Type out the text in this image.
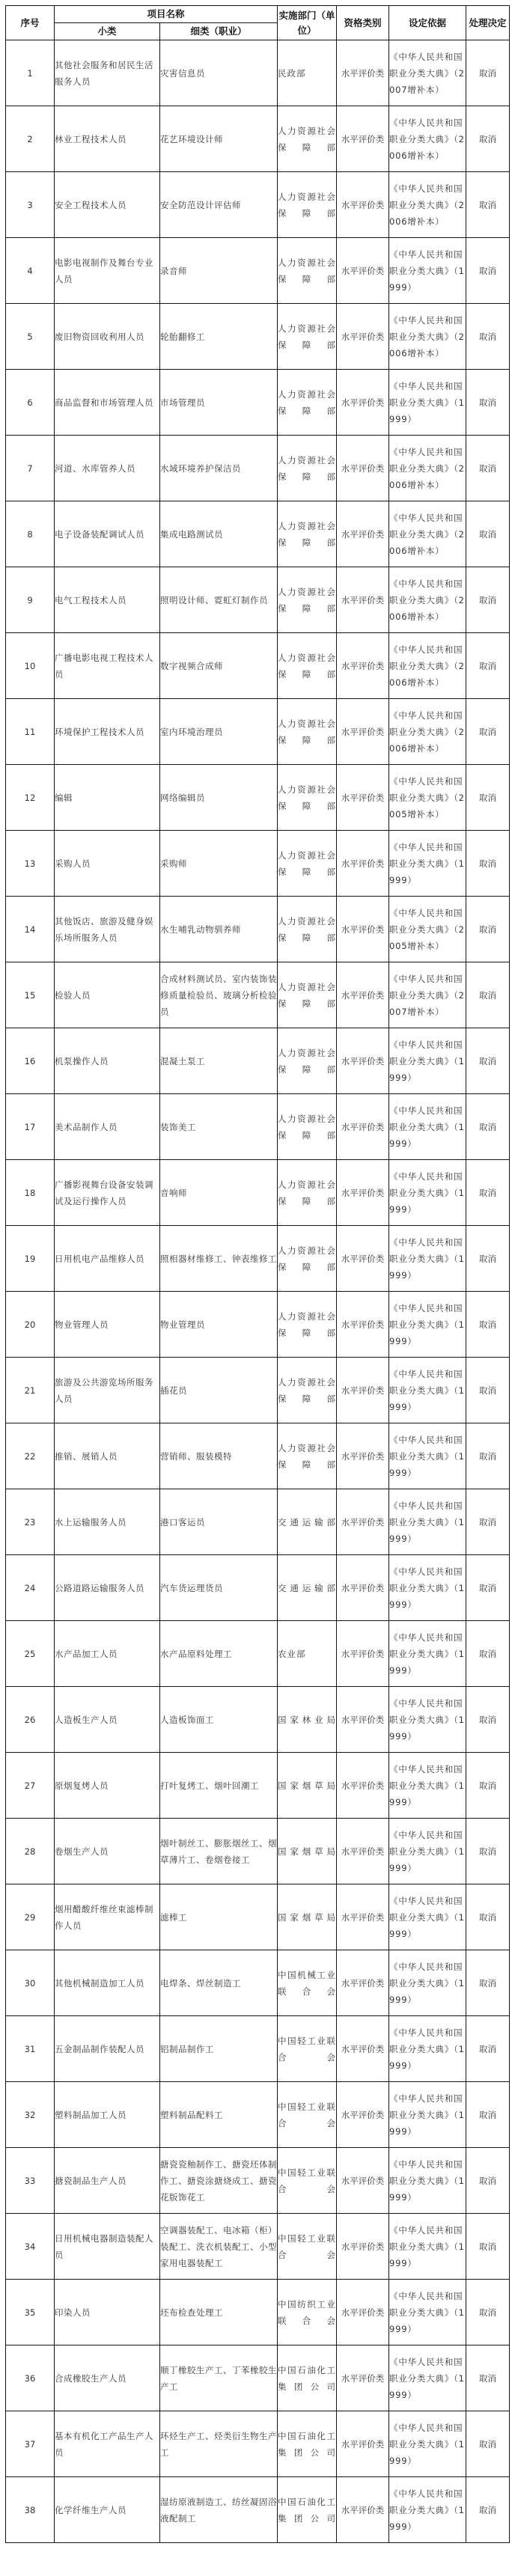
序号	项目名称		实施部门（单位）	资格类别	设定依据	处理决定
	小类	细类（职业）				
1	其他社会服务和居民生活服务人员	灾害信息员	民政部	水平评价类	《中华人民共和国职业分类大典》（2007增补本）	取消
2	林业工程技术人员	花艺环境设计师	人力资源社会保障部	水平评价类	《中华人民共和国职业分类大典》（2006增补本）	取消
3	安全工程技术人员	安全防范设计评估师	人力资源社会保障部	水平评价类	《中华人民共和国职业分类大典》（2006增补本）	取消
4	电影电视制作及舞台专业人员	录音师	人力资源社会保障部	水平评价类	《中华人民共和国职业分类大典》（1999）	取消
5	废旧物资回收利用人员	轮胎翻修工	人力资源社会保障部	水平评价类	《中华人民共和国职业分类大典》（2006增补本）	取消
6	商品监督和市场管理人员	市场管理员	人力资源社会保障部	水平评价类	《中华人民共和国职业分类大典》（1999）	取消
7	河道、水库管养人员	水域环境养护保洁员	人力资源社会保障部	水平评价类	《中华人民共和国职业分类大典》（2006增补本）	取消
8	电子设备装配调试人员	集成电路测试员	人力资源社会保障部	水平评价类	《中华人民共和国职业分类大典》（2006增补本）	取消
9	电气工程技术人员	照明设计师、霓虹灯制作员	人力资源社会保障部	水平评价类	《中华人民共和国职业分类大典》（2006增补本）	取消
10	广播电影电视工程技术人员	数字视频合成师	人力资源社会保障部	水平评价类	《中华人民共和国职业分类大典》（2006增补本）	取消
11	环境保护工程技术人员	室内环境治理员	人力资源社会保障部	水平评价类	《中华人民共和国职业分类大典》（2006增补本）	取消
12	编辑	网络编辑员	人力资源社会保障部	水平评价类	《中华人民共和国职业分类大典》（2005增补本）	取消
13	采购人员	采购师	人力资源社会保障部	水平评价类	《中华人民共和国职业分类大典》（1999）	取消
14	其他饭店、旅游及健身娱乐场所服务人员	水生哺乳动物驯养师	人力资源社会保障部	水平评价类	《中华人民共和国职业分类大典》（2005增补本）	取消
15	检验人员	合成材料测试员、室内装饰装修质量检验员、玻璃分析检验员	人力资源社会保障部	水平评价类	《中华人民共和国职业分类大典》（2007增补本）	取消
16	机泵操作人员	混凝土泵工	人力资源社会保障部	水平评价类	《中华人民共和国职业分类大典》（1999）	取消
17	美术品制作人员	装饰美工	人力资源社会保障部	水平评价类	《中华人民共和国职业分类大典》（1999）	取消
18	广播影视舞台设备安装调试及运行操作人员	音响师	人力资源社会保障部	水平评价类	《中华人民共和国职业分类大典》（1999）	取消
19	日用机电产品维修人员	照相器材维修工、钟表维修工	人力资源社会保障部	水平评价类	《中华人民共和国职业分类大典》（1999）	取消
20	物业管理人员	物业管理员	人力资源社会保障部	水平评价类	《中华人民共和国职业分类大典》（1999）	取消
21	旅游及公共游览场所服务人员	插花员	人力资源社会保障部	水平评价类	《中华人民共和国职业分类大典》（1999）	取消
22	推销、展销人员	营销师、服装模特	人力资源社会保障部	水平评价类	《中华人民共和国职业分类大典》（1999）	取消
23	水上运输服务人员	港口客运员	交通运输部	水平评价类	《中华人民共和国职业分类大典》（1999）	取消
24	公路道路运输服务人员	汽车货运理货员	交通运输部	水平评价类	《中华人民共和国职业分类大典》（1999）	取消
25	水产品加工人员	水产品原料处理工	农业部	水平评价类	《中华人民共和国职业分类大典》（1999）	取消
26	人造板生产人员	人造板饰面工	国家林业局	水平评价类	《中华人民共和国职业分类大典》（1999）	取消
27	原烟复烤人员	打叶复烤工、烟叶回潮工	国家烟草局	水平评价类	《中华人民共和国职业分类大典》（1999）	取消
28	卷烟生产人员	烟叶制丝工、膨胀烟丝工、烟草薄片工、卷烟卷接工	国家烟草局	水平评价类	《中华人民共和国职业分类大典》（1999）	取消
29	烟用醋酸纤维丝束滤棒制作人员	滤棒工	国家烟草局	水平评价类	《中华人民共和国职业分类大典》（1999）	取消
30	其他机械制造加工人员	电焊条、焊丝制造工	中国机械工业联合会	水平评价类	《中华人民共和国职业分类大典》（1999）	取消
31	五金制品制作装配人员	铝制品制作工	中国轻工业联合会	水平评价类	《中华人民共和国职业分类大典》（1999）	取消
32	塑料制品加工人员	塑料制品配料工	中国轻工业联合会	水平评价类	《中华人民共和国职业分类大典》（1999）	取消
33	搪瓷制品生产人员	搪瓷瓷釉制作工、搪瓷坯体制作工、搪瓷涂搪烧成工、搪瓷花版饰花工	中国轻工业联合会	水平评价类	《中华人民共和国职业分类大典》（1999）	取消
34	日用机械电器制造装配人员	空调器装配工、电冰箱（柜）装配工、洗衣机装配工、小型家用电器装配工	中国轻工业联合会	水平评价类	《中华人民共和国职业分类大典》（1999）	取消
35	印染人员	坯布检查处理工	中国纺织工业联合会	水平评价类	《中华人民共和国职业分类大典》（1999）	取消
36	合成橡胶生产人员	顺丁橡胶生产工、丁苯橡胶生产工	中国石油化工集团公司	水平评价类	《中华人民共和国职业分类大典》（1999）	取消
37	基本有机化工产品生产人员	环烃生产工、烃类衍生物生产工	中国石油化工集团公司	水平评价类	《中华人民共和国职业分类大典》（1999）	取消
38	化学纤维生产人员	湿纺原液制造工、纺丝凝固浴液配制工	中国石油化工集团公司	水平评价类	《中华人民共和国职业分类大典》（1999）	取消
